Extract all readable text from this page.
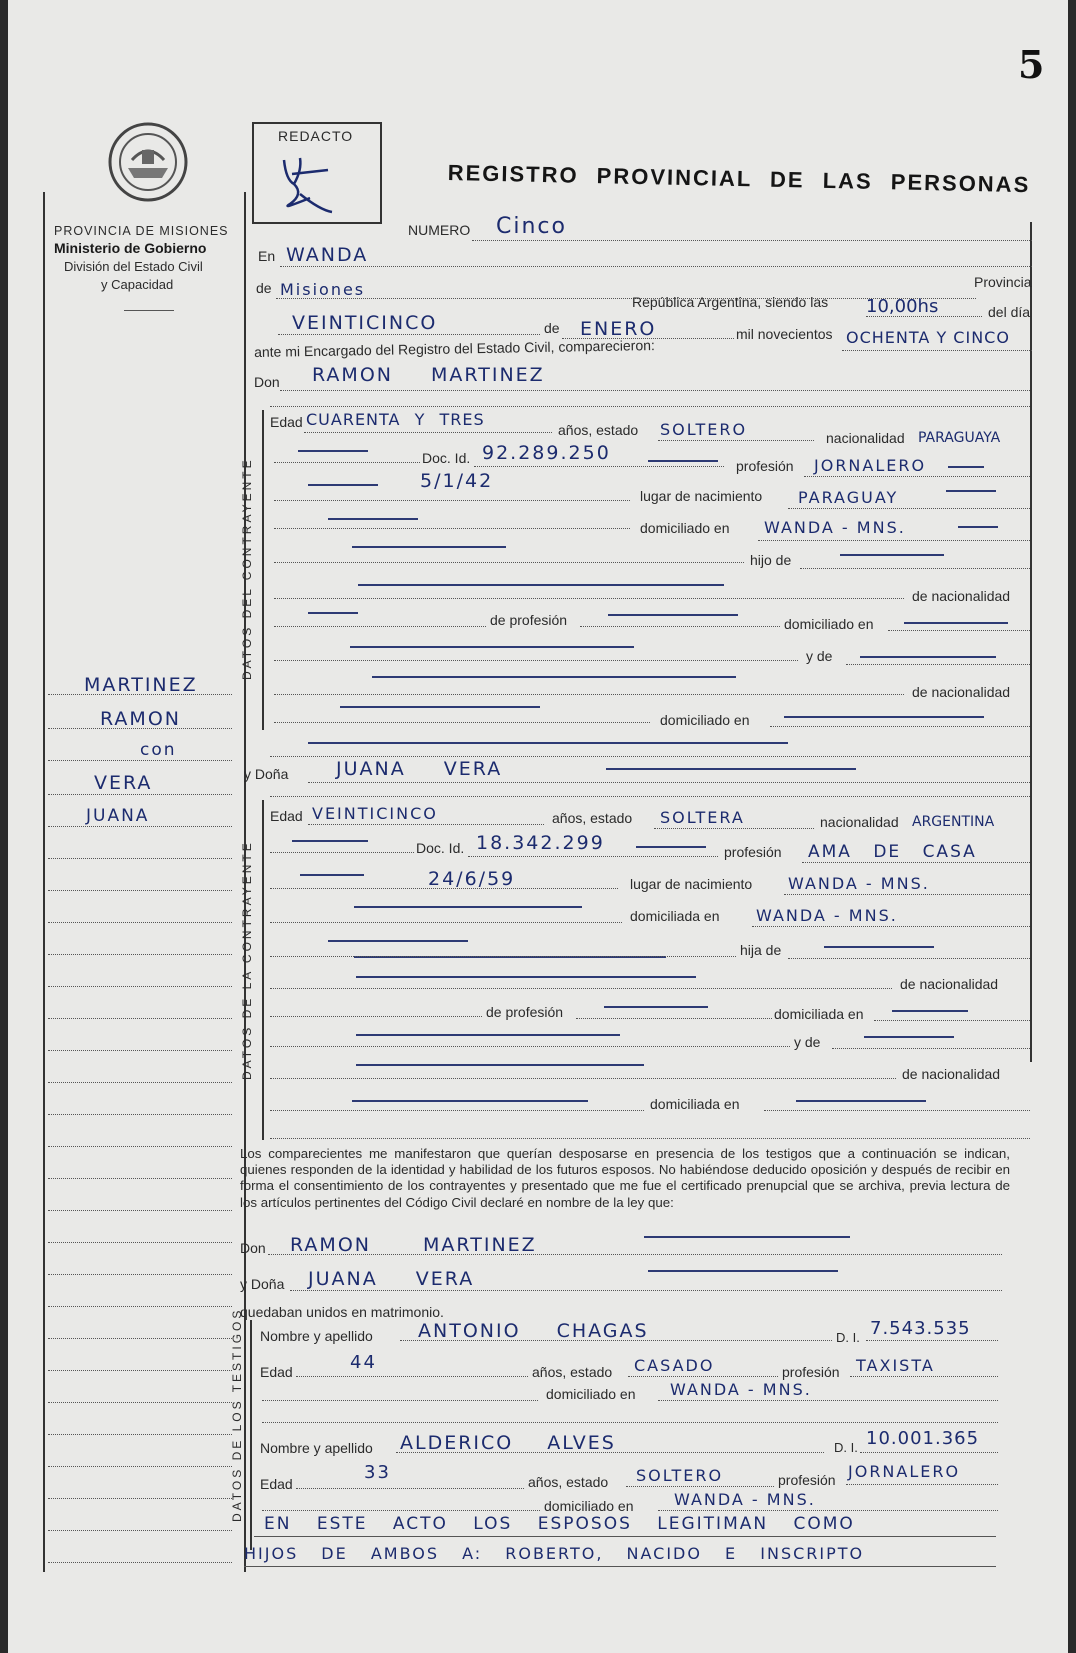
5
PROVINCIA DE MISIONES
Ministerio de Gobierno
División del Estado Civil
y Capacidad
REDACTO
REGISTRO PROVINCIAL DE LAS PERSONAS
DATOS DEL CONTRAYENTE
DATOS DE LA CONTRAYENTE
DATOS DE LOS TESTIGOS
MARTINEZ
RAMON
con
VERA
JUANA
NUMERO Cinco
En WANDA
de Misiones	Provincia
República Argentina, siendo las 10,00hs	del día
VEINTICINCO	de ENERO	mil novecientos OCHENTA Y CINCO
ante mi Encargado del Registro del Estado Civil, comparecieron:
Don RAMON MARTINEZ
Edad CUARENTA Y TRES
años, estado SOLTERO	nacionalidad PARAGUAYA
Doc. Id. 92.289.250
profesión JORNALERO
5/1/42
lugar de nacimiento PARAGUAY
domiciliado en WANDA - MNS.
hijo de
de nacionalidad
de profesión	domiciliado en
y de
de nacionalidad
domiciliado en
y Doña	JUANA VERA
Edad VEINTICINCO	años, estado SOLTERA	nacionalidad ARGENTINA
Doc. Id. 18.342.299	profesión AMA DE CASA
24/6/59	lugar de nacimiento WANDA - MNS.
domiciliada en WANDA - MNS.
hija de
de nacionalidad
de profesión	domiciliada en
y de
de nacionalidad
domiciliada en
Los comparecientes me manifestaron que querían desposarse en presencia de los testigos que a continuación se indican, quienes responden de la identidad y habilidad de los futuros esposos. No habiéndose deducido oposición y después de recibir en forma el consentimiento de los contrayentes y presentado que me fue el certificado prenupcial que se archiva, previa lectura de los artículos pertinentes del Código Civil declaré en nombre de la ley que:
Don RAMON MARTINEZ
y Doña JUANA VERA
quedaban unidos en matrimonio.
Nombre y apellido ANTONIO CHAGAS	D. I. 7.543.535
Edad	44	años, estado CASADO	profesión TAXISTA
domiciliado en WANDA - MNS.
Nombre y apellido ALDERICO ALVES	D. I. 10.001.365
Edad
33	años, estado SOLTERO	profesión JORNALERO
domiciliado en	WANDA - MNS.
EN ESTE ACTO LOS ESPOSOS LEGITIMAN COMO
HIJOS DE AMBOS A: ROBERTO, NACIDO E INSCRIPTO
